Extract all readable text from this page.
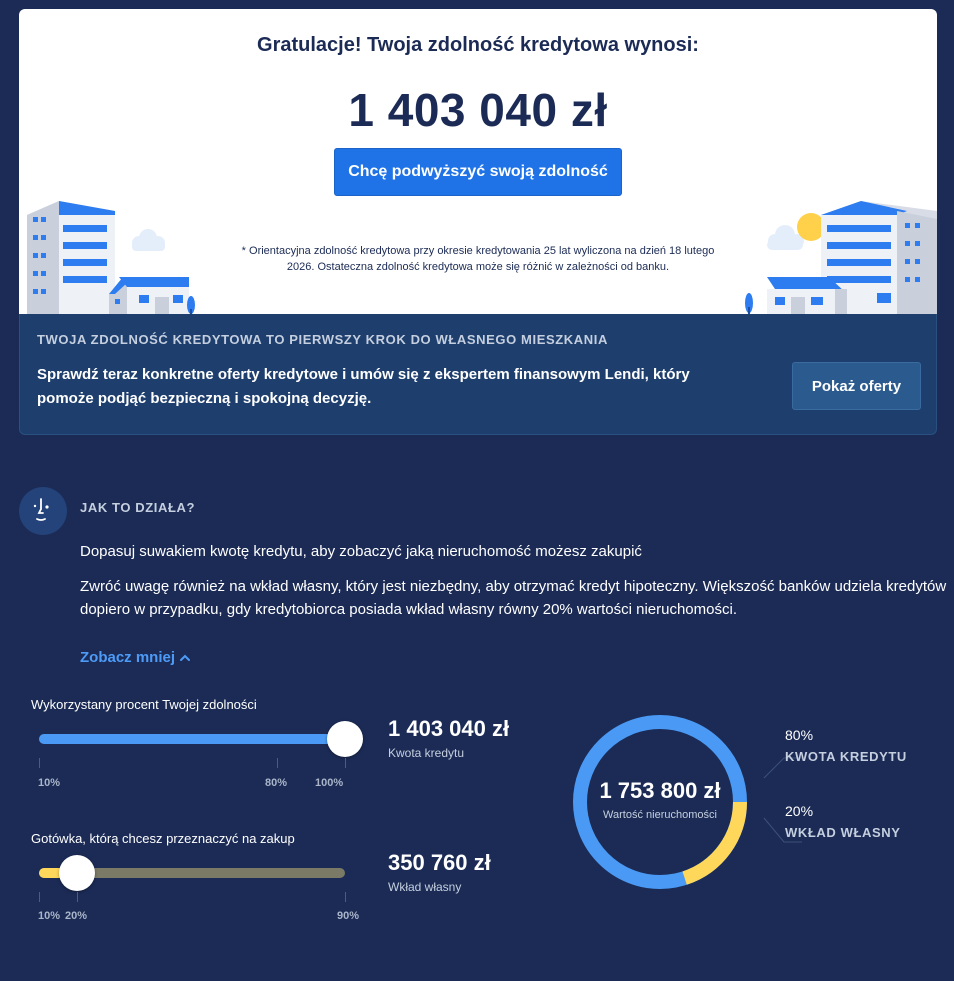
Gratulacje! Twoja zdolność kredytowa wynosi:
1 403 040 zł
Chcę podwyższyć swoją zdolność
* Orientacyjna zdolność kredytowa przy okresie kredytowania 25 lat wyliczona na dzień 18 lutego 2026. Ostateczna zdolność kredytowa może się różnić w zależności od banku.
TWOJA ZDOLNOŚĆ KREDYTOWA TO PIERWSZY KROK DO WŁASNEGO MIESZKANIA
Sprawdź teraz konkretne oferty kredytowe i umów się z ekspertem finansowym Lendi, który pomoże podjąć bezpieczną i spokojną decyzję.
Pokaż oferty
JAK TO DZIAŁA?
Dopasuj suwakiem kwotę kredytu, aby zobaczyć jaką nieruchomość możesz zakupić
Zwróć uwagę również na wkład własny, który jest niezbędny, aby otrzymać kredyt hipoteczny. Większość banków udziela kredytów dopiero w przypadku, gdy kredytobiorca posiada wkład własny równy 20% wartości nieruchomości.
Zobacz mniej
Wykorzystany procent Twojej zdolności
10%	80%	100%
1 403 040 zł
Kwota kredytu
Gotówka, którą chcesz przeznaczyć na zakup
10% 20%	90%
350 760 zł
Wkład własny
1 753 800 zł
Wartość nieruchomości
80%
KWOTA KREDYTU
20%
WKŁAD WŁASNY
